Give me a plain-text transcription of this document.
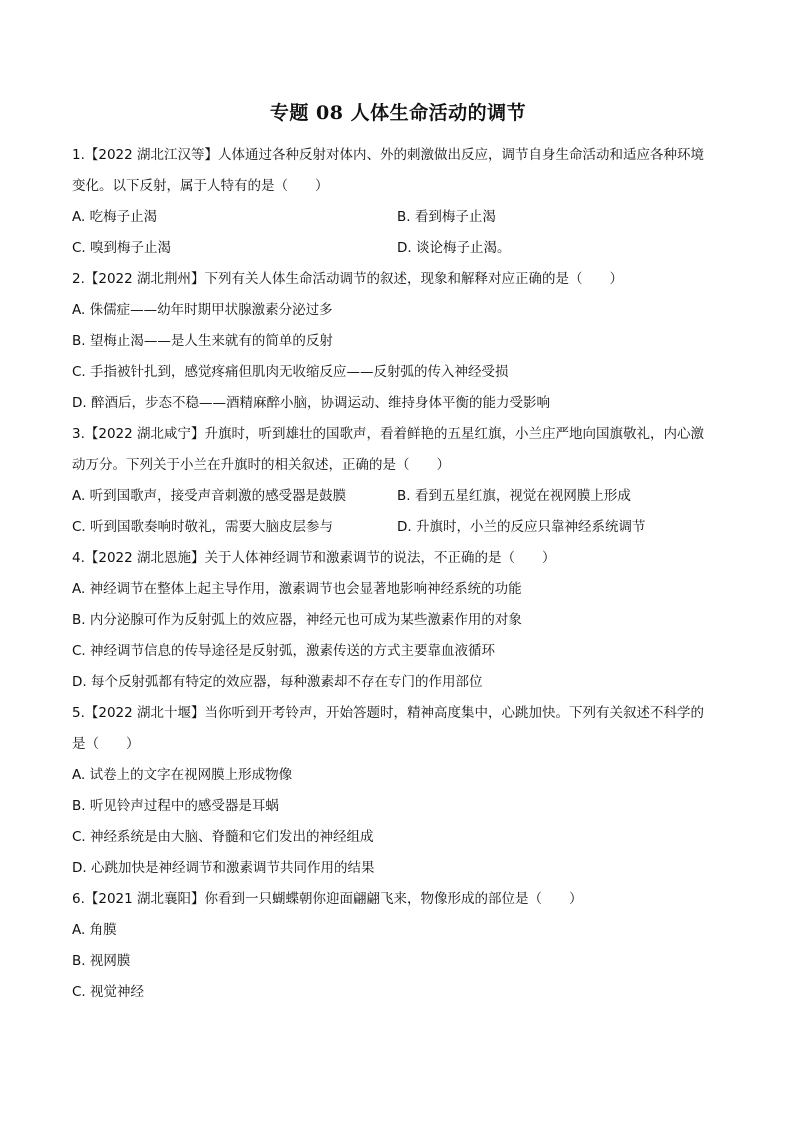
专题 08 人体生命活动的调节
1.【2022 湖北江汉等】人体通过各种反射对体内、外的刺激做出反应，调节自身生命活动和适应各种环境
变化。以下反射，属于人特有的是（　　）
A. 吃梅子止渴	B. 看到梅子止渴
C. 嗅到梅子止渴	D. 谈论梅子止渴。
2.【2022 湖北荆州】下列有关人体生命活动调节的叙述，现象和解释对应正确的是（　　）
A. 侏儒症——幼年时期甲状腺激素分泌过多
B. 望梅止渴——是人生来就有的简单的反射
C. 手指被针扎到，感觉疼痛但肌肉无收缩反应——反射弧的传入神经受损
D. 醉酒后，步态不稳——酒精麻醉小脑，协调运动、维持身体平衡的能力受影响
3.【2022 湖北咸宁】升旗时，听到雄壮的国歌声，看着鲜艳的五星红旗，小兰庄严地向国旗敬礼，内心激
动万分。下列关于小兰在升旗时的相关叙述，正确的是（　　）
A. 听到国歌声，接受声音刺激的感受器是鼓膜	B. 看到五星红旗，视觉在视网膜上形成
C. 听到国歌奏响时敬礼，需要大脑皮层参与	D. 升旗时，小兰的反应只靠神经系统调节
4.【2022 湖北恩施】关于人体神经调节和激素调节的说法，不正确的是（　　）
A. 神经调节在整体上起主导作用，激素调节也会显著地影响神经系统的功能
B. 内分泌腺可作为反射弧上的效应器，神经元也可成为某些激素作用的对象
C. 神经调节信息的传导途径是反射弧，激素传送的方式主要靠血液循环
D. 每个反射弧都有特定的效应器，每种激素却不存在专门的作用部位
5.【2022 湖北十堰】当你听到开考铃声，开始答题时，精神高度集中，心跳加快。下列有关叙述不科学的
是（　　）
A. 试卷上的文字在视网膜上形成物像
B. 听见铃声过程中的感受器是耳蜗
C. 神经系统是由大脑、脊髓和它们发出的神经组成
D. 心跳加快是神经调节和激素调节共同作用的结果
6.【2021 湖北襄阳】你看到一只蝴蝶朝你迎面翩翩飞来，物像形成的部位是（　　）
A. 角膜
B. 视网膜
C. 视觉神经
